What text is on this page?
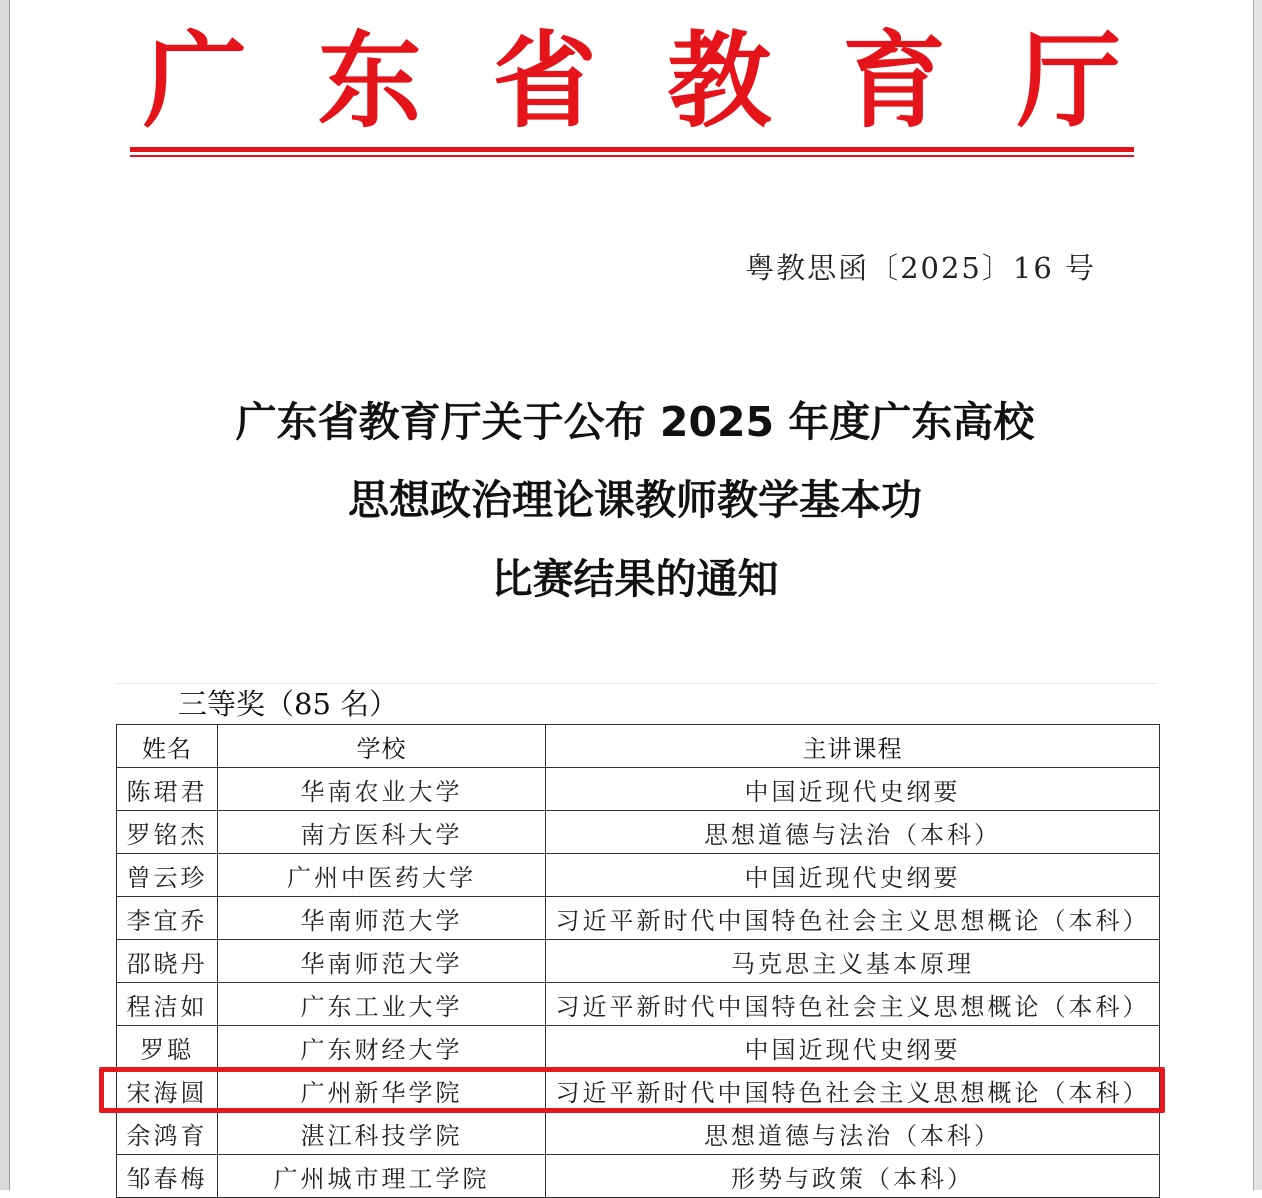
广 东 省 教 育 厅
粤教思函〔2025〕16 号
广东省教育厅关于公布 2025 年度广东高校
思想政治理论课教师教学基本功
比赛结果的通知
三等奖（85 名）
姓名	学校	主讲课程
陈珺君	华南农业大学	中国近现代史纲要
罗铭杰	南方医科大学	思想道德与法治（本科）
曾云珍	广州中医药大学	中国近现代史纲要
李宜乔	华南师范大学	习近平新时代中国特色社会主义思想概论（本科）
邵晓丹	华南师范大学	马克思主义基本原理
程洁如	广东工业大学	习近平新时代中国特色社会主义思想概论（本科）
罗聪	广东财经大学	中国近现代史纲要
宋海圆	广州新华学院	习近平新时代中国特色社会主义思想概论（本科）
余鸿育	湛江科技学院	思想道德与法治（本科）
邹春梅	广州城市理工学院	形势与政策（本科）
